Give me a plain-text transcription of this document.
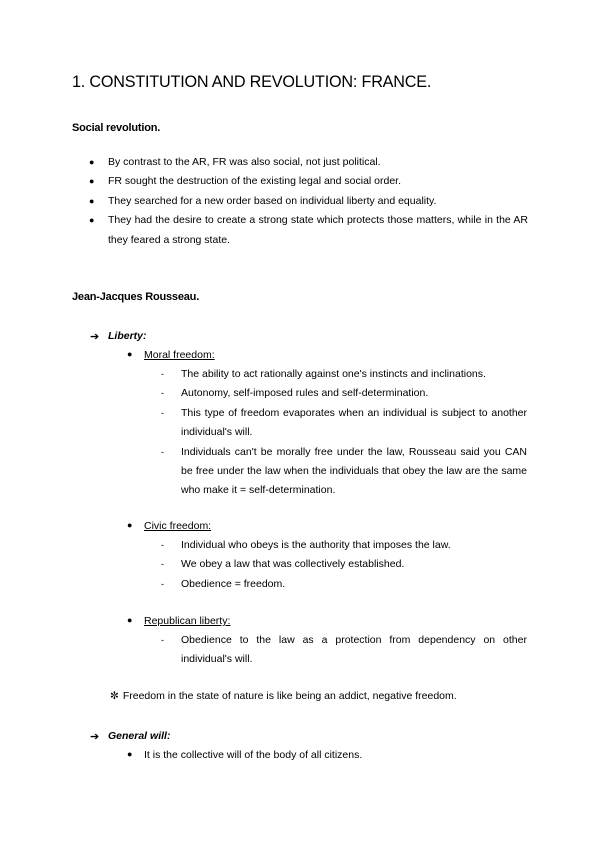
1. CONSTITUTION AND REVOLUTION: FRANCE.

Social revolution.

● By contrast to the AR, FR was also social, not just political.
● FR sought the destruction of the existing legal and social order.
● They searched for a new order based on individual liberty and equality.
● They had the desire to create a strong state which protects those matters, while in the AR they feared a strong state.

Jean-Jacques Rousseau.

➔ Liberty:
● Moral freedom:
- The ability to act rationally against one's instincts and inclinations.
- Autonomy, self-imposed rules and self-determination.
- This type of freedom evaporates when an individual is subject to another individual's will.
- Individuals can't be morally free under the law, Rousseau said you CAN be free under the law when the individuals that obey the law are the same who make it = self-determination.
● Civic freedom:
- Individual who obeys is the authority that imposes the law.
- We obey a law that was collectively established.
- Obedience = freedom.
● Republican liberty:
- Obedience to the law as a protection from dependency on other individual's will.
✼ Freedom in the state of nature is like being an addict, negative freedom.
➔ General will:
● It is the collective will of the body of all citizens.
